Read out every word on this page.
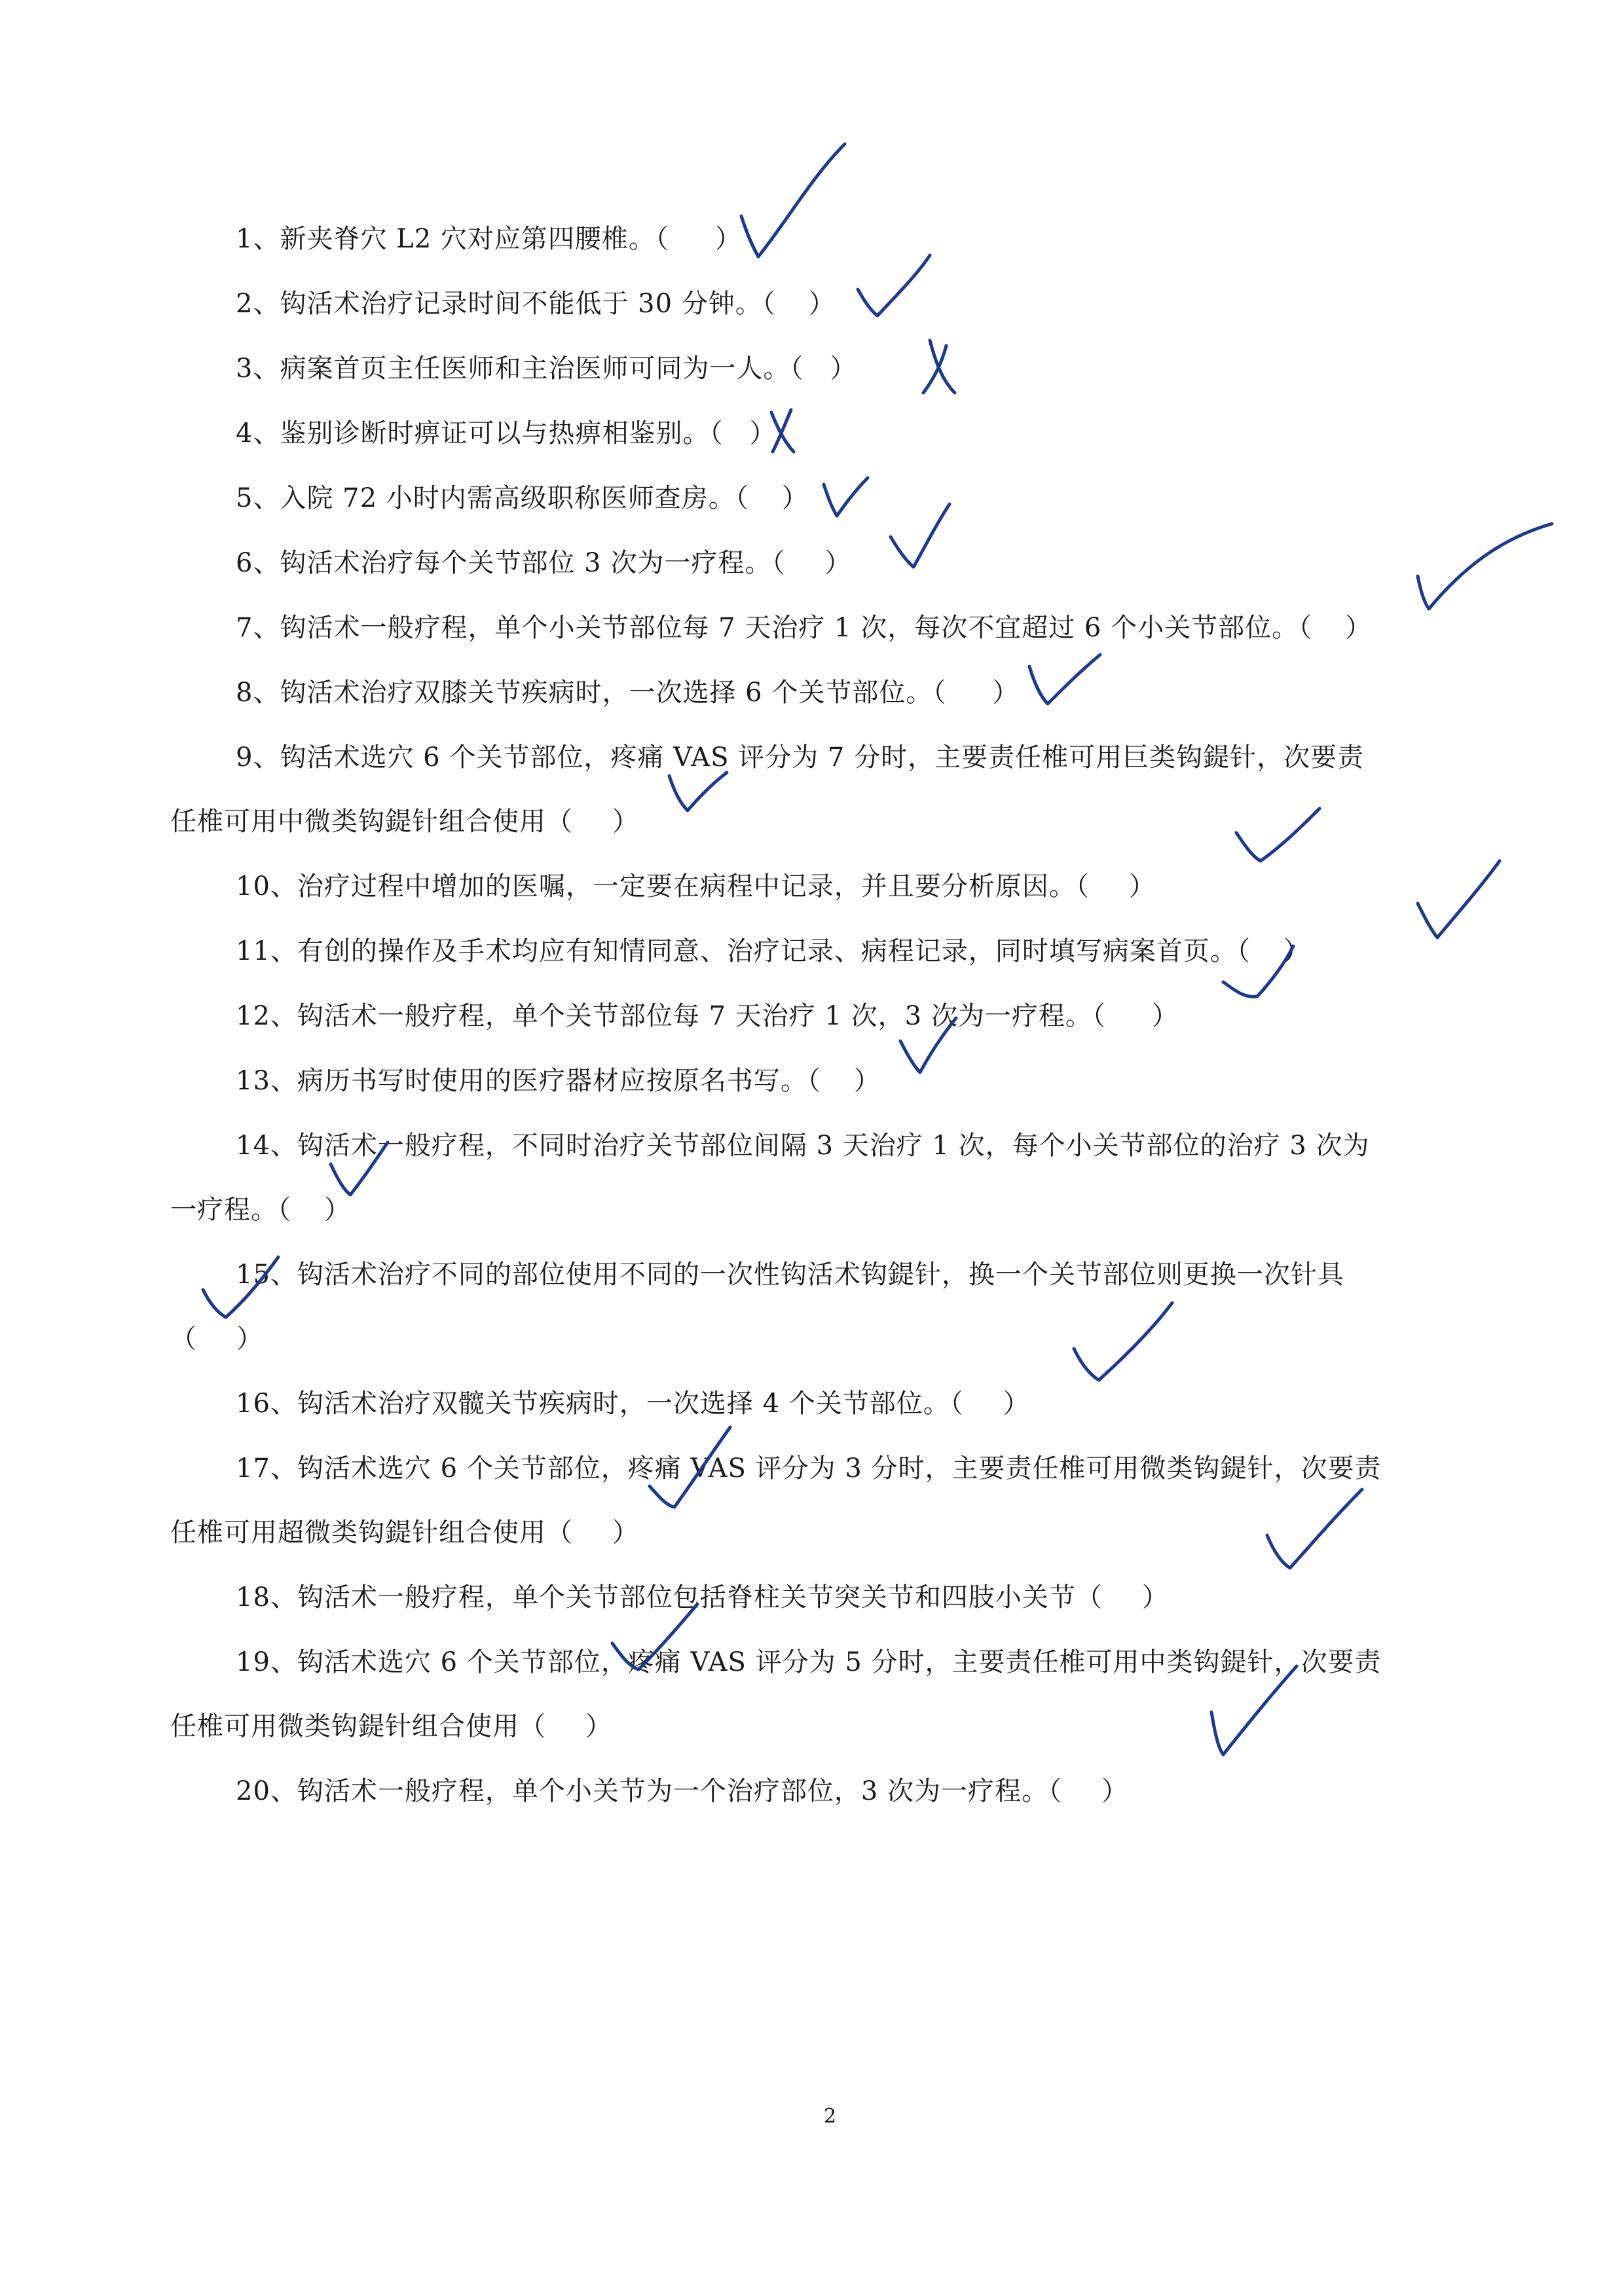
1、新夹脊穴 L2 穴对应第四腰椎。（ ）
2、钩活术治疗记录时间不能低于 30 分钟。（ ）
3、病案首页主任医师和主治医师可同为一人。（ ）
4、鉴别诊断时痹证可以与热痹相鉴别。（ ）
5、入院 72 小时内需高级职称医师查房。（ ）
6、钩活术治疗每个关节部位 3 次为一疗程。（ ）
7、钩活术一般疗程，单个小关节部位每 7 天治疗 1 次，每次不宜超过 6 个小关节部位。（ ）
8、钩活术治疗双膝关节疾病时，一次选择 6 个关节部位。（ ）
9、钩活术选穴 6 个关节部位，疼痛 VAS 评分为 7 分时，主要责任椎可用巨类钩鍉针，次要责
任椎可用中微类钩鍉针组合使用（ ）
10、治疗过程中增加的医嘱，一定要在病程中记录，并且要分析原因。（ ）
11、有创的操作及手术均应有知情同意、治疗记录、病程记录，同时填写病案首页。（ ）
12、钩活术一般疗程，单个关节部位每 7 天治疗 1 次，3 次为一疗程。（ ）
13、病历书写时使用的医疗器材应按原名书写。（ ）
14、钩活术一般疗程，不同时治疗关节部位间隔 3 天治疗 1 次，每个小关节部位的治疗 3 次为
一疗程。（ ）
15、钩活术治疗不同的部位使用不同的一次性钩活术钩鍉针，换一个关节部位则更换一次针具
（ ）
16、钩活术治疗双髋关节疾病时，一次选择 4 个关节部位。（ ）
17、钩活术选穴 6 个关节部位，疼痛 VAS 评分为 3 分时，主要责任椎可用微类钩鍉针，次要责
任椎可用超微类钩鍉针组合使用（ ）
18、钩活术一般疗程，单个关节部位包括脊柱关节突关节和四肢小关节（ ）
19、钩活术选穴 6 个关节部位，疼痛 VAS 评分为 5 分时，主要责任椎可用中类钩鍉针，次要责
任椎可用微类钩鍉针组合使用（ ）
20、钩活术一般疗程，单个小关节为一个治疗部位，3 次为一疗程。（ ）
2
